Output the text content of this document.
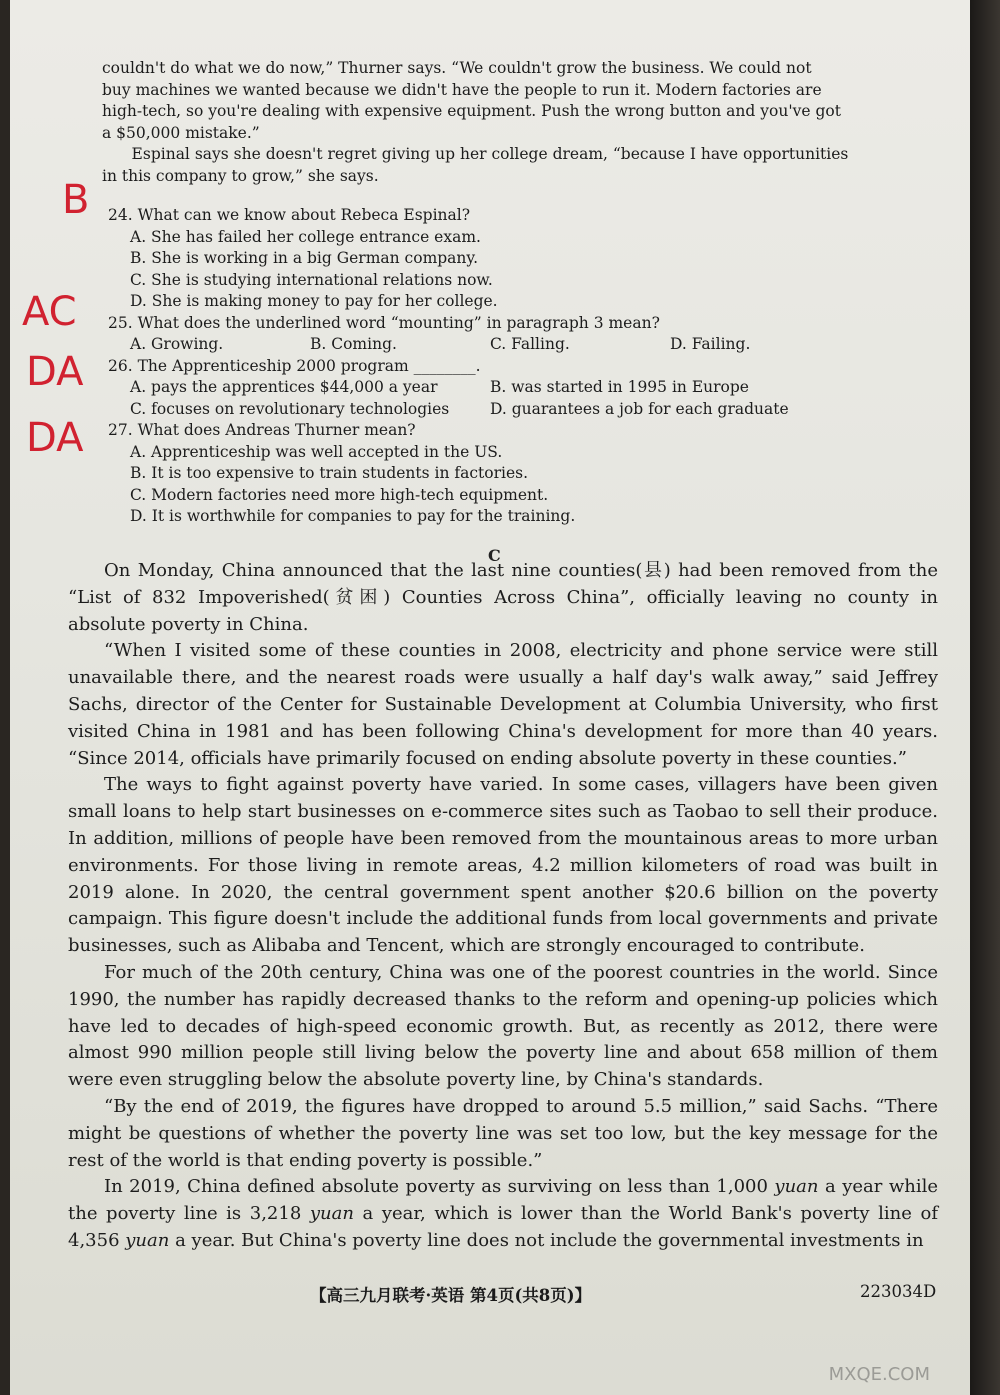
couldn't do what we do now,” Thurner says. “We couldn't grow the business. We could not
buy machines we wanted because we didn't have the people to run it. Modern factories are
high-tech, so you're dealing with expensive equipment. Push the wrong button and you've got
a $50,000 mistake.”
Espinal says she doesn't regret giving up her college dream, “because I have opportunities
in this company to grow,” she says.
24. What can we know about Rebeca Espinal?
A. She has failed her college entrance exam.
B. She is working in a big German company.
C. She is studying international relations now.
D. She is making money to pay for her college.
25. What does the underlined word “mounting” in paragraph 3 mean?
A. Growing.	B. Coming.	C. Falling.	D. Failing.
26. The Apprenticeship 2000 program ________.
A. pays the apprentices $44,000 a year	B. was started in 1995 in Europe
C. focuses on revolutionary technologies	D. guarantees a job for each graduate
27. What does Andreas Thurner mean?
A. Apprenticeship was well accepted in the US.
B. It is too expensive to train students in factories.
C. Modern factories need more high-tech equipment.
D. It is worthwhile for companies to pay for the training.
B
AC
DA
DA
C

On Monday, China announced that the last nine counties(县) had been removed from the “List of 832 Impoverished(贫困) Counties Across China”, officially leaving no county in absolute poverty in China.

“When I visited some of these counties in 2008, electricity and phone service were still unavailable there, and the nearest roads were usually a half day's walk away,” said Jeffrey Sachs, director of the Center for Sustainable Development at Columbia University, who first visited China in 1981 and has been following China's development for more than 40 years. “Since 2014, officials have primarily focused on ending absolute poverty in these counties.”

The ways to fight against poverty have varied. In some cases, villagers have been given small loans to help start businesses on e-commerce sites such as Taobao to sell their produce. In addition, millions of people have been removed from the mountainous areas to more urban environments. For those living in remote areas, 4.2 million kilometers of road was built in 2019 alone. In 2020, the central government spent another $20.6 billion on the poverty campaign. This figure doesn't include the additional funds from local governments and private businesses, such as Alibaba and Tencent, which are strongly encouraged to contribute.

For much of the 20th century, China was one of the poorest countries in the world. Since 1990, the number has rapidly decreased thanks to the reform and opening-up policies which have led to decades of high-speed economic growth. But, as recently as 2012, there were almost 990 million people still living below the poverty line and about 658 million of them were even struggling below the absolute poverty line, by China's standards.

“By the end of 2019, the figures have dropped to around 5.5 million,” said Sachs. “There might be questions of whether the poverty line was set too low, but the key message for the rest of the world is that ending poverty is possible.”

In 2019, China defined absolute poverty as surviving on less than 1,000 yuan a year while the poverty line is 3,218 yuan a year, which is lower than the World Bank's poverty line of 4,356 yuan a year. But China's poverty line does not include the governmental investments in

【高三九月联考·英语 第4页(共8页)】	223034D
MXQE.COM
